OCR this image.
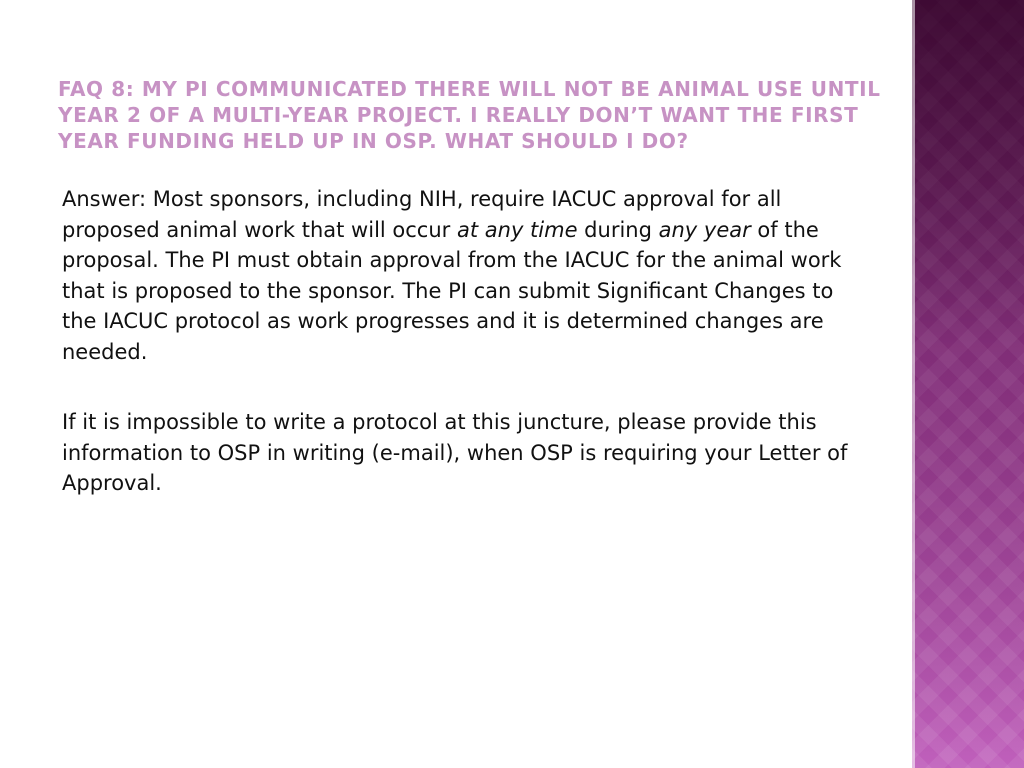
FAQ 8: MY PI COMMUNICATED THERE WILL NOT BE ANIMAL USE UNTIL YEAR 2 OF A MULTI-YEAR PROJECT. I REALLY DON’T WANT THE FIRST YEAR FUNDING HELD UP IN OSP. WHAT SHOULD I DO?

Answer: Most sponsors, including NIH, require IACUC approval for all proposed animal work that will occur at any time during any year of the proposal. The PI must obtain approval from the IACUC for the animal work that is proposed to the sponsor. The PI can submit Significant Changes to the IACUC protocol as work progresses and it is determined changes are needed.

If it is impossible to write a protocol at this juncture, please provide this information to OSP in writing (e-mail), when OSP is requiring your Letter of Approval.
